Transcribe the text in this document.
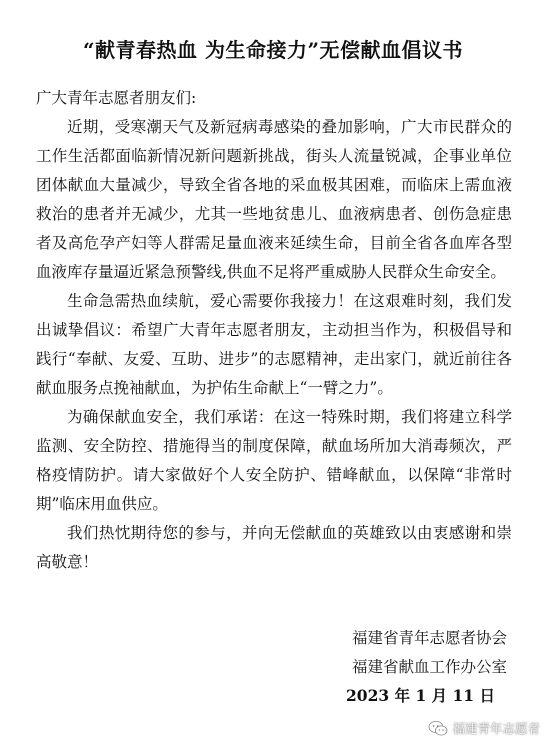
“献青春热血 为生命接力”无偿献血倡议书
广大青年志愿者朋友们:

近期，受寒潮天气及新冠病毒感染的叠加影响，广大市民群众的工作生活都面临新情况新问题新挑战，街头人流量锐减，企事业单位团体献血大量减少，导致全省各地的采血极其困难，而临床上需血液救治的患者并无减少，尤其一些地贫患儿、血液病患者、创伤急症患者及高危孕产妇等人群需足量血液来延续生命，目前全省各血库各型血液库存量逼近紧急预警线,供血不足将严重威胁人民群众生命安全。

生命急需热血续航，爱心需要你我接力！在这艰难时刻，我们发出诚挚倡议：希望广大青年志愿者朋友，主动担当作为，积极倡导和践行“奉献、友爱、互助、进步”的志愿精神，走出家门，就近前往各献血服务点挽袖献血，为护佑生命献上“一臂之力”。

为确保献血安全，我们承诺：在这一特殊时期，我们将建立科学监测、安全防控、措施得当的制度保障，献血场所加大消毒频次，严格疫情防护。请大家做好个人安全防护、错峰献血，以保障“非常时期”临床用血供应。

我们热忱期待您的参与，并向无偿献血的英雄致以由衷感谢和崇高敬意！

福建省青年志愿者协会
福建省献血工作办公室
2023 年 1 月 11 日
福建青年志愿者
